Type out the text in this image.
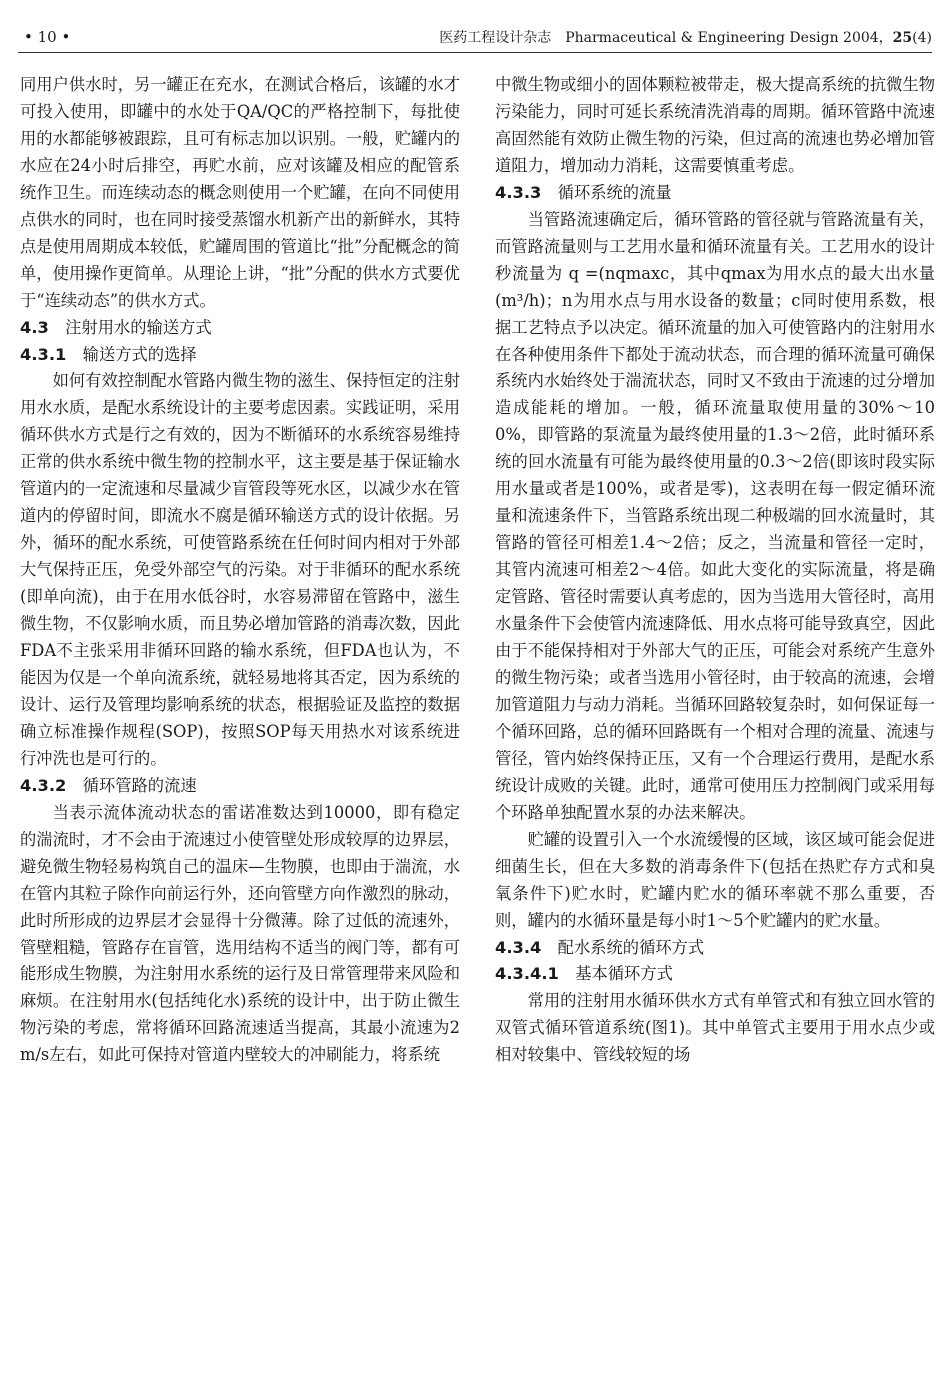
• 10 •	医药工程设计杂志　Pharmaceutical & Engineering Design 2004，25(4)

同用户供水时，另一罐正在充水，在测试合格后，该罐的水才可投入使用，即罐中的水处于QA/QC的严格控制下，每批使用的水都能够被跟踪，且可有标志加以识别。一般，贮罐内的水应在24小时后排空，再贮水前，应对该罐及相应的配管系统作卫生。而连续动态的概念则使用一个贮罐，在向不同使用点供水的同时，也在同时接受蒸馏水机新产出的新鲜水，其特点是使用周期成本较低，贮罐周围的管道比“批”分配概念的简单，使用操作更简单。从理论上讲，“批”分配的供水方式要优于“连续动态”的供水方式。

4.3 注射用水的输送方式
4.3.1 输送方式的选择

如何有效控制配水管路内微生物的滋生、保持恒定的注射用水水质，是配水系统设计的主要考虑因素。实践证明，采用循环供水方式是行之有效的，因为不断循环的水系统容易维持正常的供水系统中微生物的控制水平，这主要是基于保证输水管道内的一定流速和尽量减少盲管段等死水区，以减少水在管道内的停留时间，即流水不腐是循环输送方式的设计依据。另外，循环的配水系统，可使管路系统在任何时间内相对于外部大气保持正压，免受外部空气的污染。对于非循环的配水系统(即单向流)，由于在用水低谷时，水容易滞留在管路中，滋生微生物，不仅影响水质，而且势必增加管路的消毒次数，因此FDA不主张采用非循环回路的输水系统，但FDA也认为，不能因为仅是一个单向流系统，就轻易地将其否定，因为系统的设计、运行及管理均影响系统的状态，根据验证及监控的数据确立标准操作规程(SOP)，按照SOP每天用热水对该系统进行冲洗也是可行的。

4.3.2 循环管路的流速

当表示流体流动状态的雷诺准数达到10000，即有稳定的湍流时，才不会由于流速过小使管壁处形成较厚的边界层，避免微生物轻易构筑自己的温床—生物膜，也即由于湍流，水在管内其粒子除作向前运行外，还向管壁方向作激烈的脉动，此时所形成的边界层才会显得十分微薄。除了过低的流速外，管壁粗糙，管路存在盲管，选用结构不适当的阀门等，都有可能形成生物膜，为注射用水系统的运行及日常管理带来风险和麻烦。在注射用水(包括纯化水)系统的设计中，出于防止微生物污染的考虑，常将循环回路流速适当提高，其最小流速为2m/s左右，如此可保持对管道内壁较大的冲刷能力，将系统

中微生物或细小的固体颗粒被带走，极大提高系统的抗微生物污染能力，同时可延长系统清洗消毒的周期。循环管路中流速高固然能有效防止微生物的污染，但过高的流速也势必增加管道阻力，增加动力消耗，这需要慎重考虑。

4.3.3 循环系统的流量

当管路流速确定后，循环管路的管径就与管路流量有关，而管路流量则与工艺用水量和循环流量有关。工艺用水的设计秒流量为 q =(nqmaxc，其中qmax为用水点的最大出水量(m³/h)；n为用水点与用水设备的数量；c同时使用系数，根据工艺特点予以决定。循环流量的加入可使管路内的注射用水在各种使用条件下都处于流动状态，而合理的循环流量可确保系统内水始终处于湍流状态，同时又不致由于流速的过分增加造成能耗的增加。一般，循环流量取使用量的30%～100%，即管路的泵流量为最终使用量的1.3～2倍，此时循环系统的回水流量有可能为最终使用量的0.3～2倍(即该时段实际用水量或者是100%，或者是零)，这表明在每一假定循环流量和流速条件下，当管路系统出现二种极端的回水流量时，其管路的管径可相差1.4～2倍；反之，当流量和管径一定时，其管内流速可相差2～4倍。如此大变化的实际流量，将是确定管路、管径时需要认真考虑的，因为当选用大管径时，高用水量条件下会使管内流速降低、用水点将可能导致真空，因此由于不能保持相对于外部大气的正压，可能会对系统产生意外的微生物污染；或者当选用小管径时，由于较高的流速，会增加管道阻力与动力消耗。当循环回路较复杂时，如何保证每一个循环回路，总的循环回路既有一个相对合理的流量、流速与管径，管内始终保持正压，又有一个合理运行费用，是配水系统设计成败的关键。此时，通常可使用压力控制阀门或采用每个环路单独配置水泵的办法来解决。

贮罐的设置引入一个水流缓慢的区域，该区域可能会促进细菌生长，但在大多数的消毒条件下(包括在热贮存方式和臭氧条件下)贮水时，贮罐内贮水的循环率就不那么重要，否则，罐内的水循环量是每小时1～5个贮罐内的贮水量。

4.3.4 配水系统的循环方式
4.3.4.1 基本循环方式

常用的注射用水循环供水方式有单管式和有独立回水管的双管式循环管道系统(图1)。其中单管式主要用于用水点少或相对较集中、管线较短的场
